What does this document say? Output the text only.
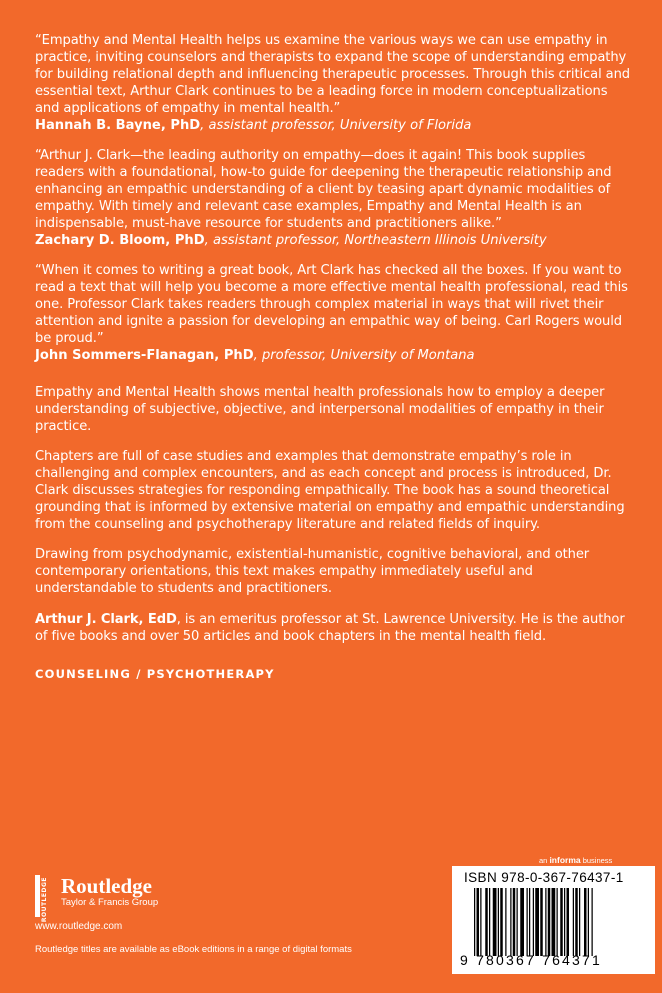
“Empathy and Mental Health helps us examine the various ways we can use empathy in practice, inviting counselors and therapists to expand the scope of understanding empathy for building relational depth and influencing therapeutic processes. Through this critical and essential text, Arthur Clark continues to be a leading force in modern conceptualizations and applications of empathy in mental health.”

Hannah B. Bayne, PhD, assistant professor, University of Florida

“Arthur J. Clark—the leading authority on empathy—does it again! This book supplies readers with a foundational, how-to guide for deepening the therapeutic relationship and enhancing an empathic understanding of a client by teasing apart dynamic modalities of empathy. With timely and relevant case examples, Empathy and Mental Health is an indispensable, must-have resource for students and practitioners alike.”

Zachary D. Bloom, PhD, assistant professor, Northeastern Illinois University

“When it comes to writing a great book, Art Clark has checked all the boxes. If you want to read a text that will help you become a more effective mental health professional, read this one. Professor Clark takes readers through complex material in ways that will rivet their attention and ignite a passion for developing an empathic way of being. Carl Rogers would be proud.”

John Sommers-Flanagan, PhD, professor, University of Montana

Empathy and Mental Health shows mental health professionals how to employ a deeper understanding of subjective, objective, and interpersonal modalities of empathy in their practice.

Chapters are full of case studies and examples that demonstrate empathy’s role in challenging and complex encounters, and as each concept and process is introduced, Dr. Clark discusses strategies for responding empathically. The book has a sound theoretical grounding that is informed by extensive material on empathy and empathic understanding from the counseling and psychotherapy literature and related fields of inquiry.

Drawing from psychodynamic, existential-humanistic, cognitive behavioral, and other contemporary orientations, this text makes empathy immediately useful and understandable to students and practitioners.

Arthur J. Clark, EdD, is an emeritus professor at St. Lawrence University. He is the author of five books and over 50 articles and book chapters in the mental health field.

COUNSELING / PSYCHOTHERAPY

ROUTLEDGE Routledge
Taylor & Francis Group
www.routledge.com
Routledge titles are available as eBook editions in a range of digital formats
an informa business
ISBN 978-0-367-76437-1
9 780367 764371
